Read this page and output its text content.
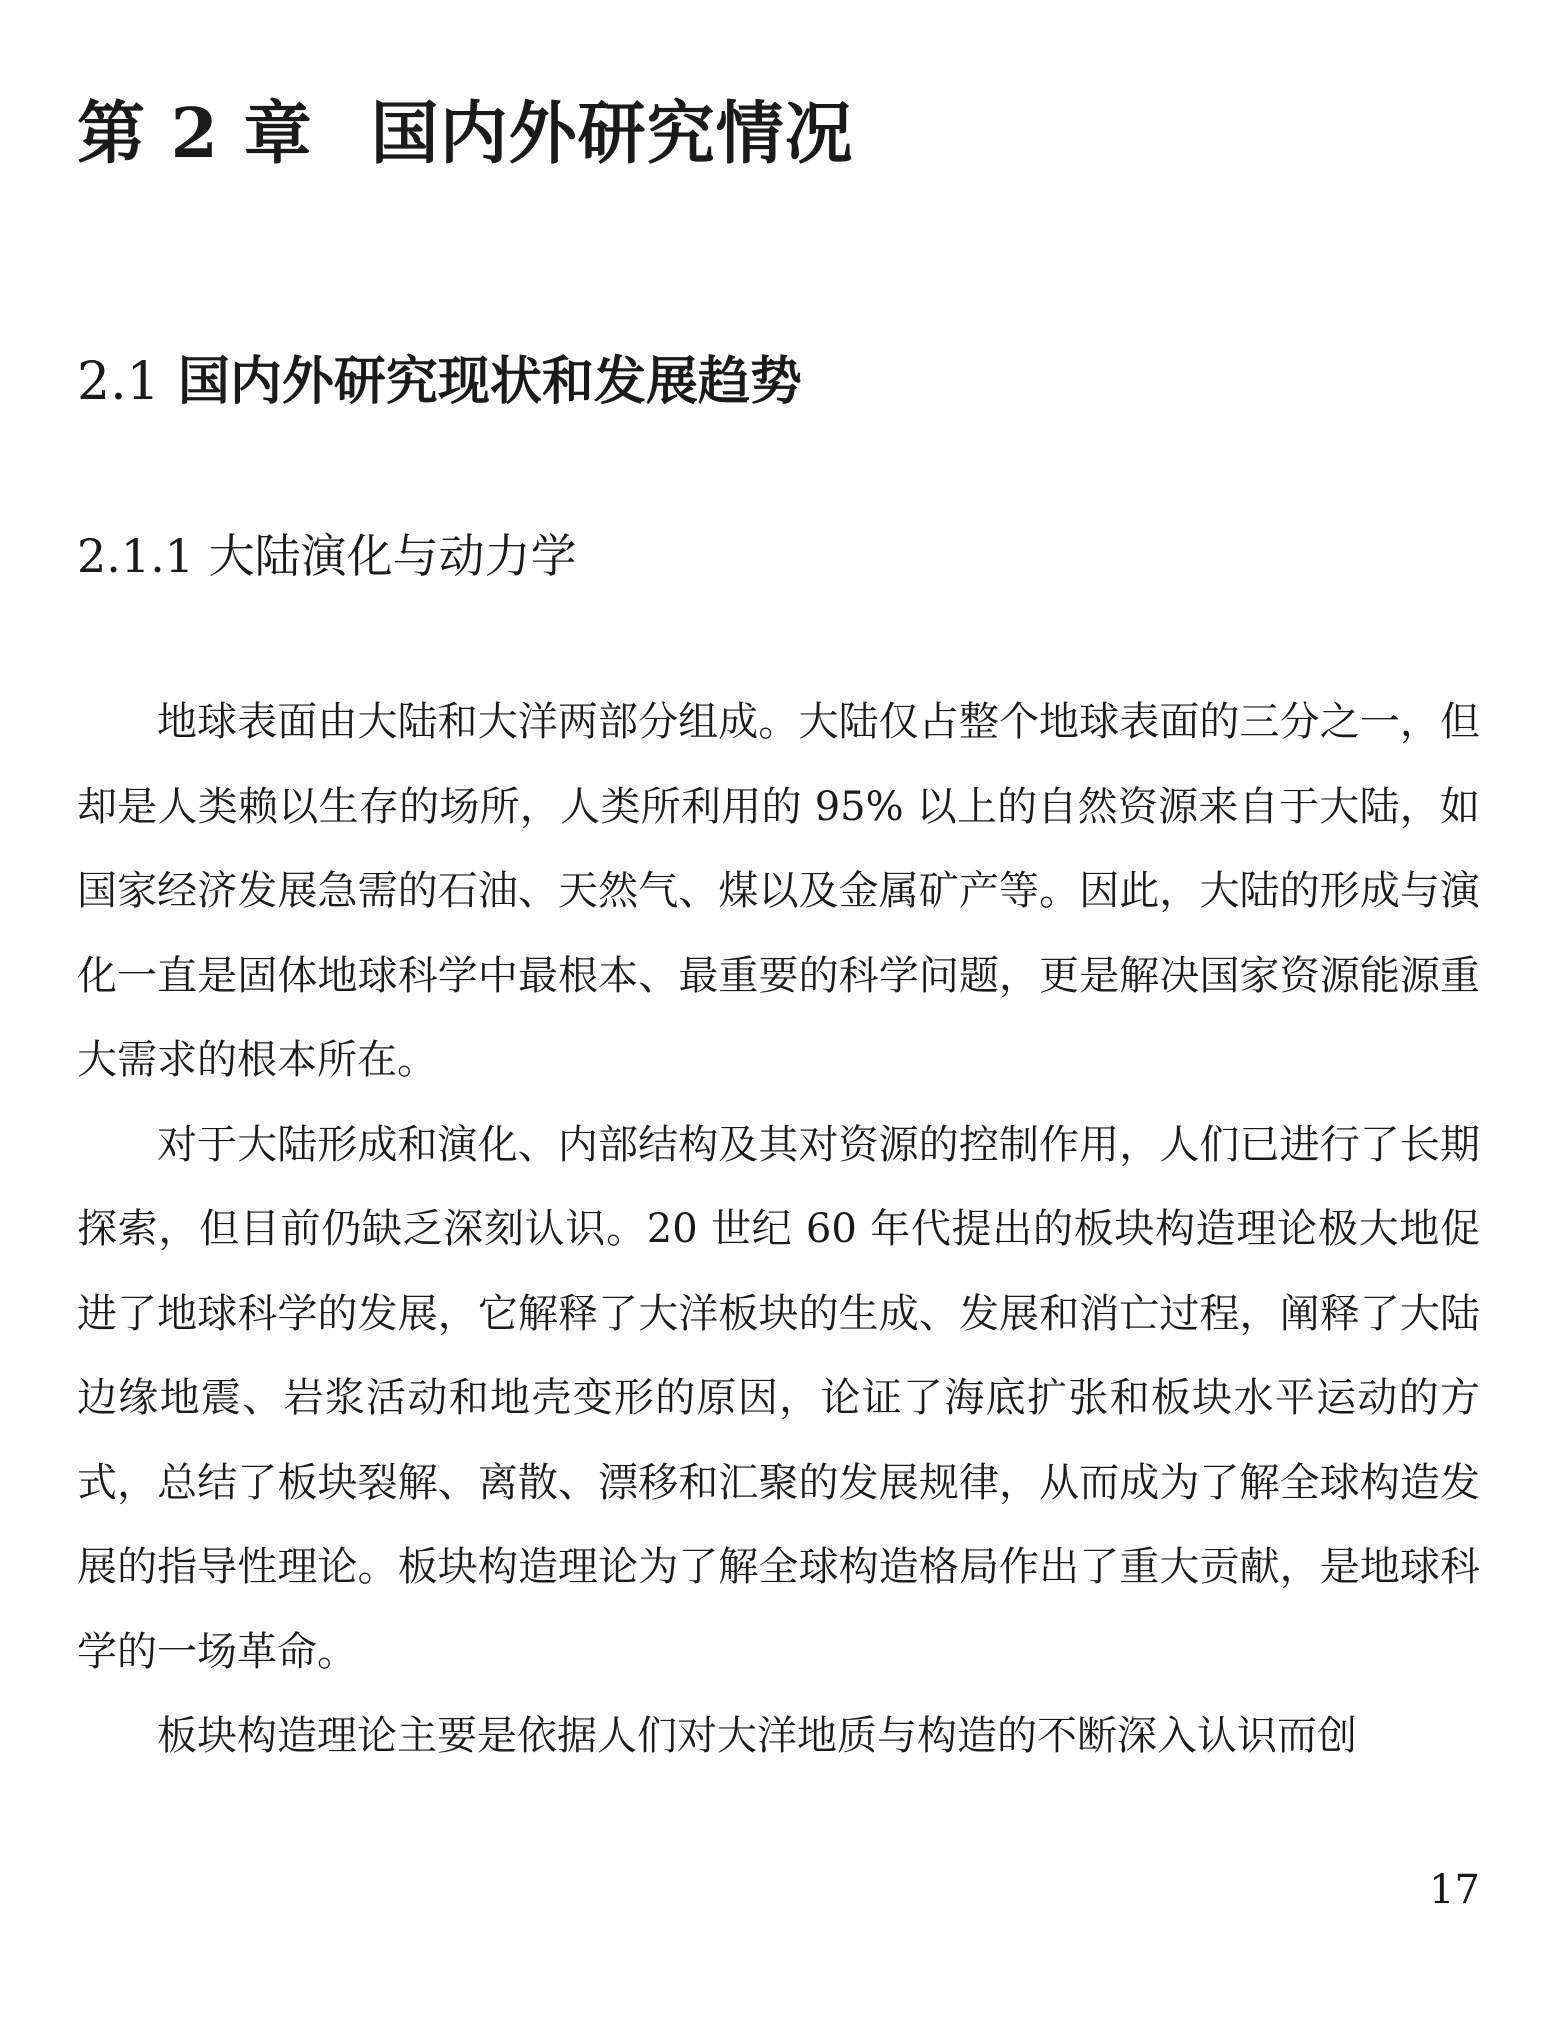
第 2 章 国内外研究情况
2.1 国内外研究现状和发展趋势
2.1.1 大陆演化与动力学

地球表面由大陆和大洋两部分组成。大陆仅占整个地球表面的三分之一，但却是人类赖以生存的场所，人类所利用的 95% 以上的自然资源来自于大陆，如国家经济发展急需的石油、天然气、煤以及金属矿产等。因此，大陆的形成与演化一直是固体地球科学中最根本、最重要的科学问题，更是解决国家资源能源重大需求的根本所在。

对于大陆形成和演化、内部结构及其对资源的控制作用，人们已进行了长期探索，但目前仍缺乏深刻认识。20 世纪 60 年代提出的板块构造理论极大地促进了地球科学的发展，它解释了大洋板块的生成、发展和消亡过程，阐释了大陆边缘地震、岩浆活动和地壳变形的原因，论证了海底扩张和板块水平运动的方式，总结了板块裂解、离散、漂移和汇聚的发展规律，从而成为了解全球构造发展的指导性理论。板块构造理论为了解全球构造格局作出了重大贡献，是地球科学的一场革命。

板块构造理论主要是依据人们对大洋地质与构造的不断深入认识而创

17
